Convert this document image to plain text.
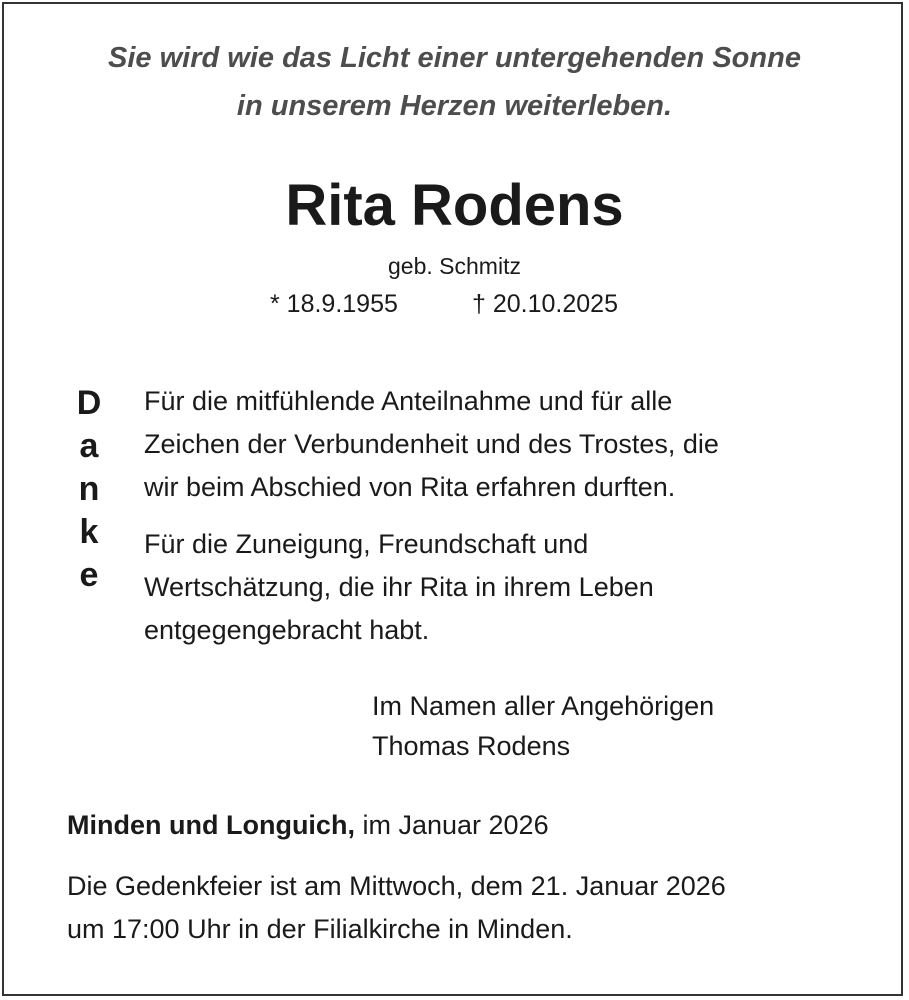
Sie wird wie das Licht einer untergehenden Sonne
in unserem Herzen weiterleben.
Rita Rodens
geb. Schmitz
* 18.9.1955	† 20.10.2025
D
a
n
k
e
Für die mitfühlende Anteilnahme und für alle
Zeichen der Verbundenheit und des Trostes, die
wir beim Abschied von Rita erfahren durften.
Für die Zuneigung, Freundschaft und
Wertschätzung, die ihr Rita in ihrem Leben
entgegengebracht habt.
Im Namen aller Angehörigen
Thomas Rodens
Minden und Longuich, im Januar 2026
Die Gedenkfeier ist am Mittwoch, dem 21. Januar 2026
um 17:00 Uhr in der Filialkirche in Minden.
